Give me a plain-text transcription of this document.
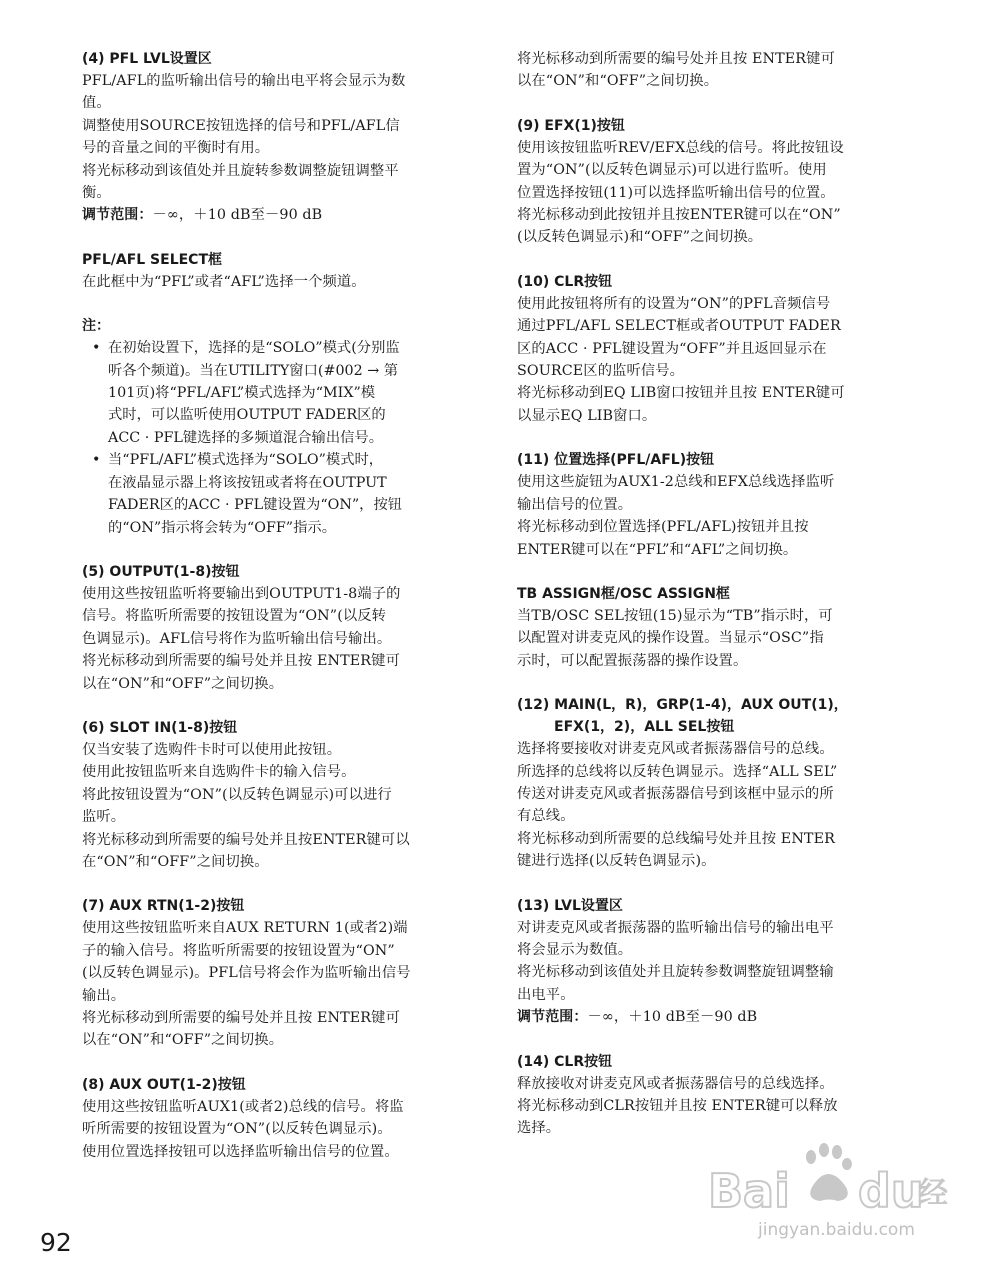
(4) PFL LVL设置区

PFL/AFL的监听输出信号的输出电平将会显示为数

值。

调整使用SOURCE按钮选择的信号和PFL/AFL信

号的音量之间的平衡时有用。

将光标移动到该值处并且旋转参数调整旋钮调整平

衡。

调节范围：－∞，＋10 dB至－90 dB

PFL/AFL SELECT框

在此框中为“PFL”或者“AFL”选择一个频道。

注：

• 在初始设置下，选择的是“SOLO”模式(分别监
听各个频道)。当在UTILITY窗口(#002 → 第
101页)将“PFL/AFL”模式选择为“MIX”模
式时，可以监听使用OUTPUT FADER区的
ACC · PFL键选择的多频道混合输出信号。
• 当“PFL/AFL”模式选择为“SOLO”模式时，
在液晶显示器上将该按钮或者将在OUTPUT
FADER区的ACC · PFL键设置为“ON”，按钮
的“ON”指示将会转为“OFF”指示。

(5) OUTPUT(1-8)按钮

使用这些按钮监听将要输出到OUTPUT1-8端子的

信号。将监听所需要的按钮设置为“ON”(以反转

色调显示)。AFL信号将作为监听输出信号输出。

将光标移动到所需要的编号处并且按 ENTER键可

以在“ON”和“OFF”之间切换。

(6) SLOT IN(1-8)按钮

仅当安装了选购件卡时可以使用此按钮。

使用此按钮监听来自选购件卡的输入信号。

将此按钮设置为“ON”(以反转色调显示)可以进行

监听。

将光标移动到所需要的编号处并且按ENTER键可以

在“ON”和“OFF”之间切换。

(7) AUX RTN(1-2)按钮

使用这些按钮监听来自AUX RETURN 1(或者2)端

子的输入信号。将监听所需要的按钮设置为“ON”

(以反转色调显示)。PFL信号将会作为监听输出信号

输出。

将光标移动到所需要的编号处并且按 ENTER键可

以在“ON”和“OFF”之间切换。

(8) AUX OUT(1-2)按钮

使用这些按钮监听AUX1(或者2)总线的信号。将监

听所需要的按钮设置为“ON”(以反转色调显示)。

使用位置选择按钮可以选择监听输出信号的位置。

将光标移动到所需要的编号处并且按 ENTER键可

以在“ON”和“OFF”之间切换。

(9) EFX(1)按钮

使用该按钮监听REV/EFX总线的信号。将此按钮设

置为“ON”(以反转色调显示)可以进行监听。使用

位置选择按钮(11)可以选择监听输出信号的位置。

将光标移动到此按钮并且按ENTER键可以在“ON”

(以反转色调显示)和“OFF”之间切换。

(10) CLR按钮

使用此按钮将所有的设置为“ON”的PFL音频信号

通过PFL/AFL SELECT框或者OUTPUT FADER

区的ACC · PFL键设置为“OFF”并且返回显示在

SOURCE区的监听信号。

将光标移动到EQ LIB窗口按钮并且按 ENTER键可

以显示EQ LIB窗口。

(11) 位置选择(PFL/AFL)按钮

使用这些旋钮为AUX1-2总线和EFX总线选择监听

输出信号的位置。

将光标移动到位置选择(PFL/AFL)按钮并且按

ENTER键可以在“PFL”和“AFL”之间切换。

TB ASSIGN框/OSC ASSIGN框

当TB/OSC SEL按钮(15)显示为“TB”指示时，可

以配置对讲麦克风的操作设置。当显示“OSC”指

示时，可以配置振荡器的操作设置。

(12) MAIN(L，R)，GRP(1-4)，AUX OUT(1)，

EFX(1，2)，ALL SEL按钮

选择将要接收对讲麦克风或者振荡器信号的总线。

所选择的总线将以反转色调显示。选择“ALL SEL”

传送对讲麦克风或者振荡器信号到该框中显示的所

有总线。

将光标移动到所需要的总线编号处并且按 ENTER

键进行选择(以反转色调显示)。

(13) LVL设置区

对讲麦克风或者振荡器的监听输出信号的输出电平

将会显示为数值。

将光标移动到该值处并且旋转参数调整旋钮调整输

出电平。

调节范围：－∞，＋10 dB至－90 dB

(14) CLR按钮

释放接收对讲麦克风或者振荡器信号的总线选择。

将光标移动到CLR按钮并且按 ENTER键可以释放

选择。

92
Bai du
经
jingyan.baidu.com
